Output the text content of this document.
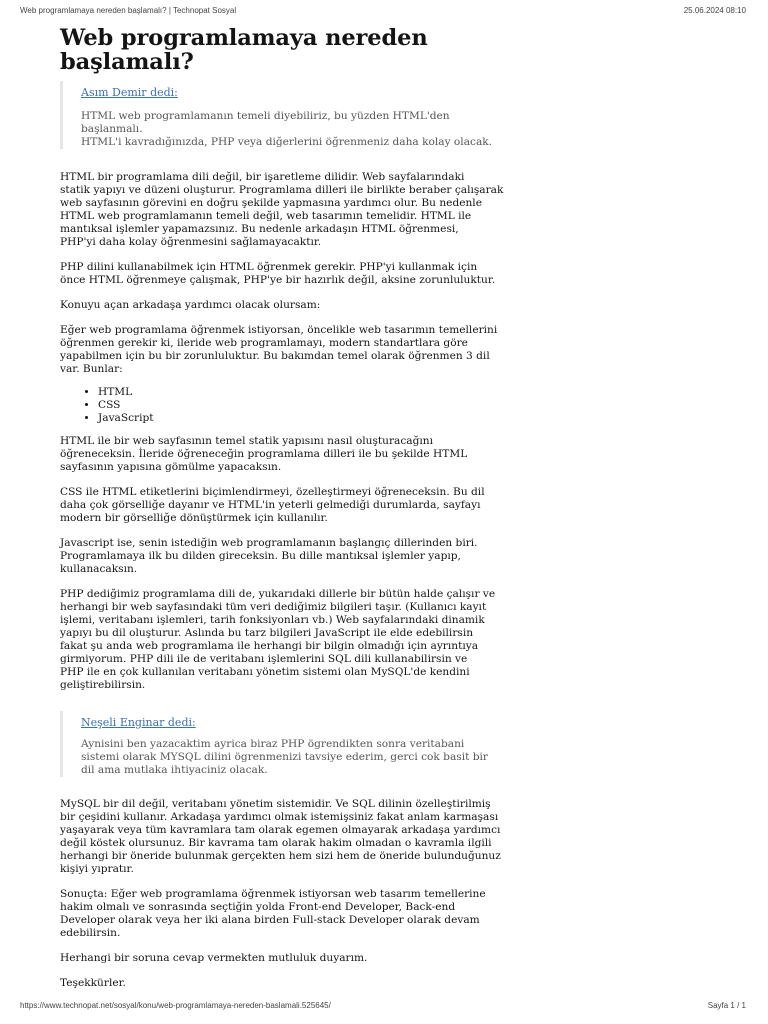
Web programlamaya nereden başlamalı? | Technopat Sosyal	25.06.2024 08:10
Web programlamaya nereden
başlamalı?

Asım Demir dedi:

HTML web programlamanın temeli diyebiliriz, bu yüzden HTML'den
başlanmalı.
HTML'i kavradığınızda, PHP veya diğerlerini öğrenmeniz daha kolay olacak.

HTML bir programlama dili değil, bir işaretleme dilidir. Web sayfalarındaki
statik yapıyı ve düzeni oluşturur. Programlama dilleri ile birlikte beraber çalışarak
web sayfasının görevini en doğru şekilde yapmasına yardımcı olur. Bu nedenle
HTML web programlamanın temeli değil, web tasarımın temelidir. HTML ile
mantıksal işlemler yapamazsınız. Bu nedenle arkadaşın HTML öğrenmesi,
PHP'yi daha kolay öğrenmesini sağlamayacaktır.

PHP dilini kullanabilmek için HTML öğrenmek gerekir. PHP'yi kullanmak için
önce HTML öğrenmeye çalışmak, PHP'ye bir hazırlık değil, aksine zorunluluktur.

Konuyu açan arkadaşa yardımcı olacak olursam:

Eğer web programlama öğrenmek istiyorsan, öncelikle web tasarımın temellerini
öğrenmen gerekir ki, ileride web programlamayı, modern standartlara göre
yapabilmen için bu bir zorunluluktur. Bu bakımdan temel olarak öğrenmen 3 dil
var. Bunlar:

• HTML
• CSS
• JavaScript

HTML ile bir web sayfasının temel statik yapısını nasıl oluşturacağını
öğreneceksin. İleride öğreneceğin programlama dilleri ile bu şekilde HTML
sayfasının yapısına gömülme yapacaksın.

CSS ile HTML etiketlerini biçimlendirmeyi, özelleştirmeyi öğreneceksin. Bu dil
daha çok görselliğe dayanır ve HTML'in yeterli gelmediği durumlarda, sayfayı
modern bir görselliğe dönüştürmek için kullanılır.

Javascript ise, senin istediğin web programlamanın başlangıç dillerinden biri.
Programlamaya ilk bu dilden gireceksin. Bu dille mantıksal işlemler yapıp,
kullanacaksın.

PHP dediğimiz programlama dili de, yukarıdaki dillerle bir bütün halde çalışır ve
herhangi bir web sayfasındaki tüm veri dediğimiz bilgileri taşır. (Kullanıcı kayıt
işlemi, veritabanı işlemleri, tarih fonksiyonları vb.) Web sayfalarındaki dinamik
yapıyı bu dil oluşturur. Aslında bu tarz bilgileri JavaScript ile elde edebilirsin
fakat şu anda web programlama ile herhangi bir bilgin olmadığı için ayrıntıya
girmiyorum. PHP dili ile de veritabanı işlemlerini SQL dili kullanabilirsin ve
PHP ile en çok kullanılan veritabanı yönetim sistemi olan MySQL'de kendini
geliştirebilirsin.

Neşeli Enginar dedi:

Aynisini ben yazacaktim ayrica biraz PHP ögrendikten sonra veritabani
sistemi olarak MYSQL dilini ögrenmenizi tavsiye ederim, gerci cok basit bir
dil ama mutlaka ihtiyaciniz olacak.

MySQL bir dil değil, veritabanı yönetim sistemidir. Ve SQL dilinin özelleştirilmiş
bir çeşidini kullanır. Arkadaşa yardımcı olmak istemişsiniz fakat anlam karmaşası
yaşayarak veya tüm kavramlara tam olarak egemen olmayarak arkadaşa yardımcı
değil köstek olursunuz. Bir kavrama tam olarak hakim olmadan o kavramla ilgili
herhangi bir öneride bulunmak gerçekten hem sizi hem de öneride bulunduğunuz
kişiyi yıpratır.

Sonuçta: Eğer web programlama öğrenmek istiyorsan web tasarım temellerine
hakim olmalı ve sonrasında seçtiğin yolda Front-end Developer, Back-end
Developer olarak veya her iki alana birden Full-stack Developer olarak devam
edebilirsin.

Herhangi bir soruna cevap vermekten mutluluk duyarım.

Teşekkürler.

https://www.technopat.net/sosyal/konu/web-programlamaya-nereden-baslamali.525645/	Sayfa 1 / 1
